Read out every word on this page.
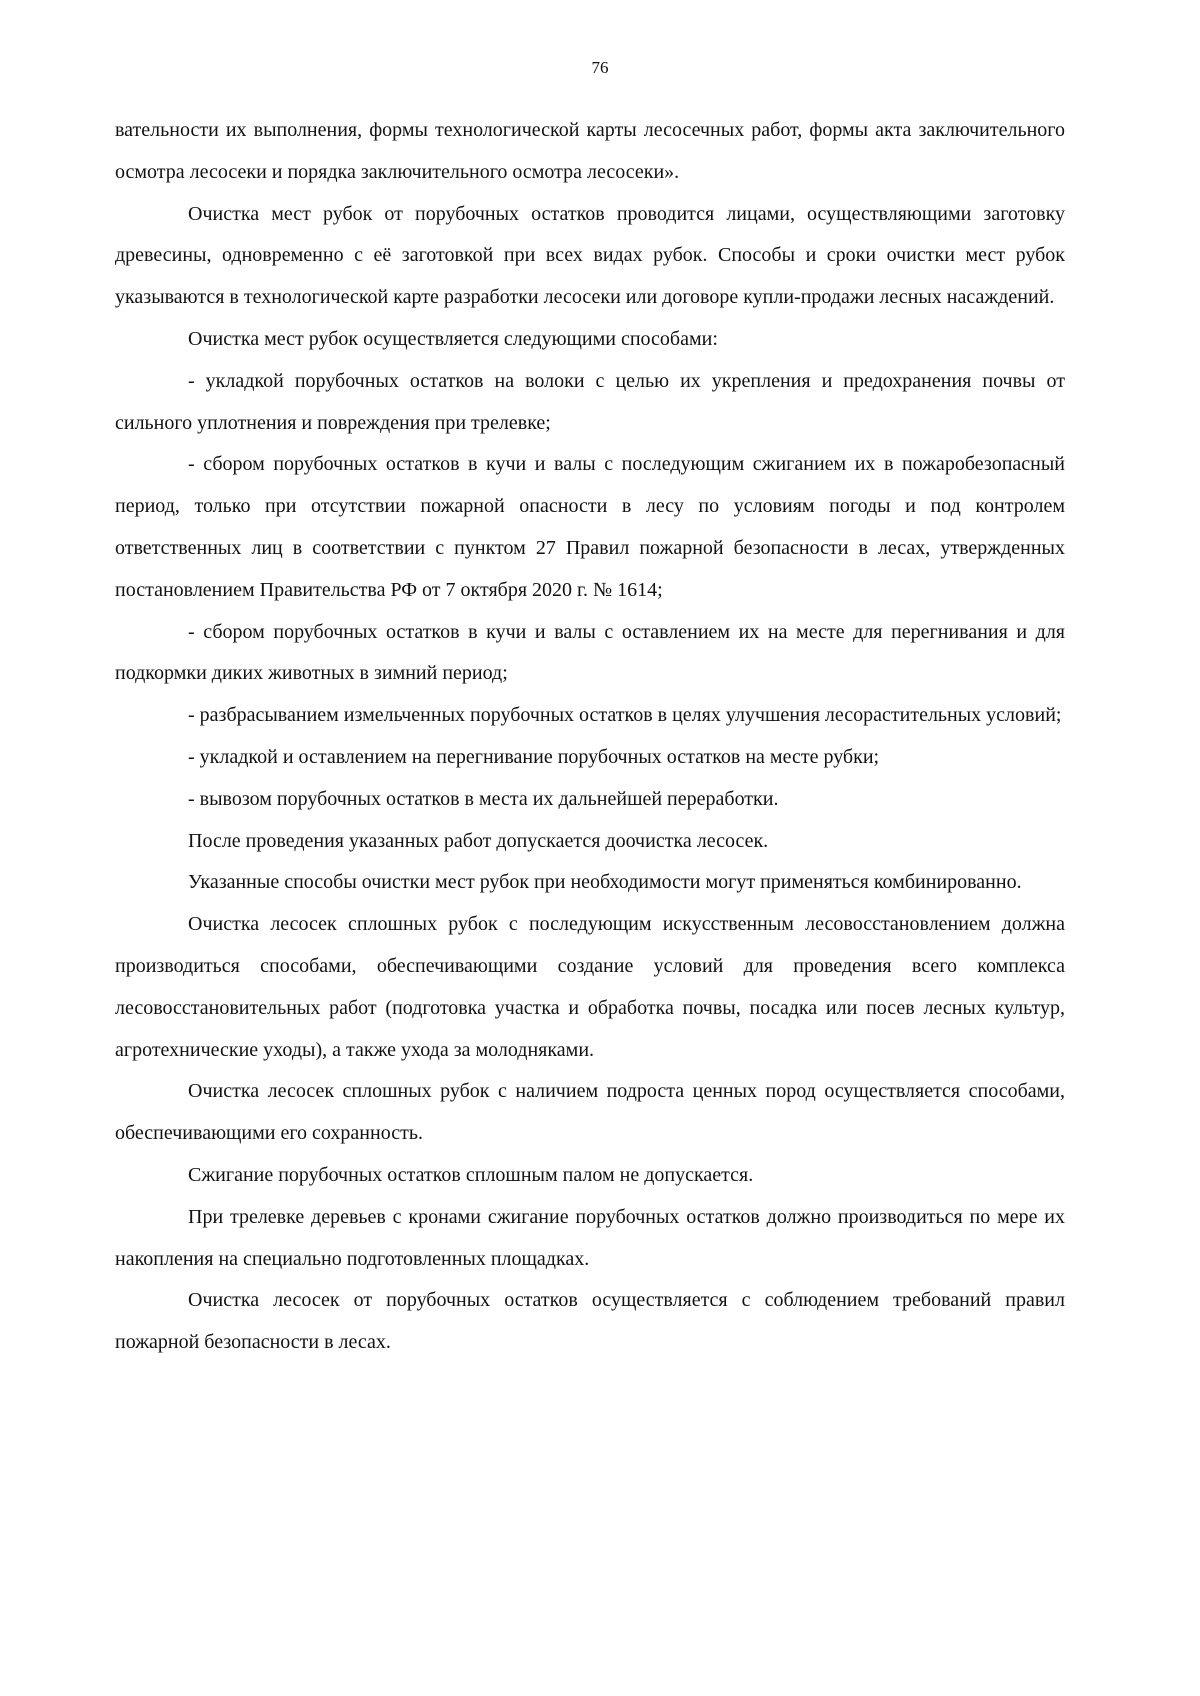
76

вательности их выполнения, формы технологической карты лесосечных работ, формы акта заключительного осмотра лесосеки и порядка заключительного осмотра лесосеки».

Очистка мест рубок от порубочных остатков проводится лицами, осуществляющими заготовку древесины, одновременно с её заготовкой при всех видах рубок. Способы и сроки очистки мест рубок указываются в технологической карте разработки лесосеки или договоре купли-продажи лесных насаждений.

Очистка мест рубок осуществляется следующими способами:

- укладкой порубочных остатков на волоки с целью их укрепления и предохранения почвы от сильного уплотнения и повреждения при трелевке;

- сбором порубочных остатков в кучи и валы с последующим сжиганием их в пожаробезопасный период, только при отсутствии пожарной опасности в лесу по условиям погоды и под контролем ответственных лиц в соответствии с пунктом 27 Правил пожарной безопасности в лесах, утвержденных постановлением Правительства РФ от 7 октября 2020 г. № 1614;

- сбором порубочных остатков в кучи и валы с оставлением их на месте для перегнивания и для подкормки диких животных в зимний период;

- разбрасыванием измельченных порубочных остатков в целях улучшения лесорастительных условий;

- укладкой и оставлением на перегнивание порубочных остатков на месте рубки;

- вывозом порубочных остатков в места их дальнейшей переработки.

После проведения указанных работ допускается доочистка лесосек.

Указанные способы очистки мест рубок при необходимости могут применяться комбинированно.

Очистка лесосек сплошных рубок с последующим искусственным лесовосстановлением должна производиться способами, обеспечивающими создание условий для проведения всего комплекса лесовосстановительных работ (подготовка участка и обработка почвы, посадка или посев лесных культур, агротехнические уходы), а также ухода за молодняками.

Очистка лесосек сплошных рубок с наличием подроста ценных пород осуществляется способами, обеспечивающими его сохранность.

Сжигание порубочных остатков сплошным палом не допускается.

При трелевке деревьев с кронами сжигание порубочных остатков должно производиться по мере их накопления на специально подготовленных площадках.

Очистка лесосек от порубочных остатков осуществляется с соблюдением требований правил пожарной безопасности в лесах.
